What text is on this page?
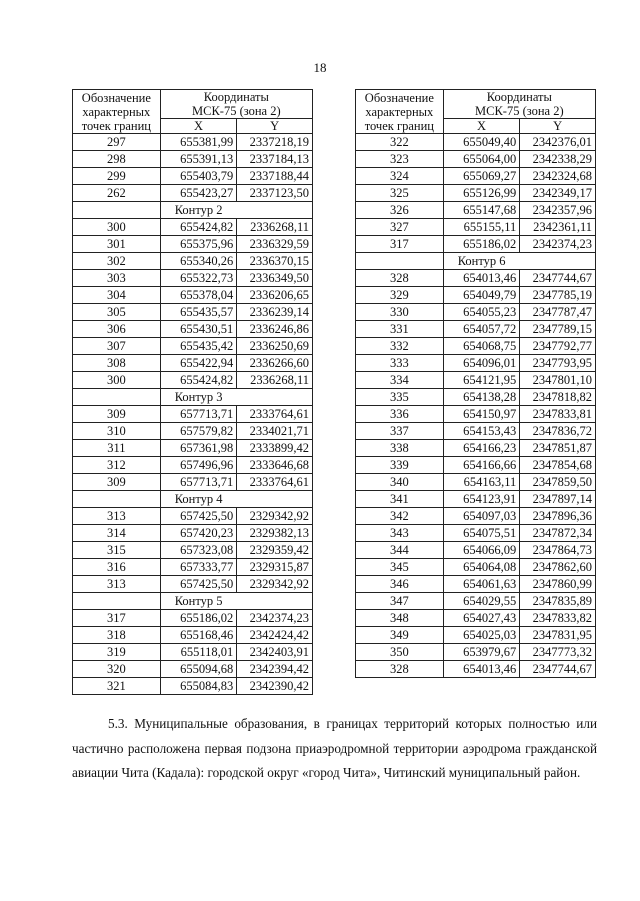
18
Обозначение
характерных
точек границ	Координаты
МСК-75 (зона 2)	
	X	Y
297	655381,99	2337218,19
298	655391,13	2337184,13
299	655403,79	2337188,44
262	655423,27	2337123,50
	Контур 2	
300	655424,82	2336268,11
301	655375,96	2336329,59
302	655340,26	2336370,15
303	655322,73	2336349,50
304	655378,04	2336206,65
305	655435,57	2336239,14
306	655430,51	2336246,86
307	655435,42	2336250,69
308	655422,94	2336266,60
300	655424,82	2336268,11
	Контур 3	
309	657713,71	2333764,61
310	657579,82	2334021,71
311	657361,98	2333899,42
312	657496,96	2333646,68
309	657713,71	2333764,61
	Контур 4	
313	657425,50	2329342,92
314	657420,23	2329382,13
315	657323,08	2329359,42
316	657333,77	2329315,87
313	657425,50	2329342,92
	Контур 5	
317	655186,02	2342374,23
318	655168,46	2342424,42
319	655118,01	2342403,91
320	655094,68	2342394,42
321	655084,83	2342390,42
Обозначение
характерных
точек границ	Координаты
МСК-75 (зона 2)	
	X	Y
322	655049,40	2342376,01
323	655064,00	2342338,29
324	655069,27	2342324,68
325	655126,99	2342349,17
326	655147,68	2342357,96
327	655155,11	2342361,11
317	655186,02	2342374,23
	Контур 6	
328	654013,46	2347744,67
329	654049,79	2347785,19
330	654055,23	2347787,47
331	654057,72	2347789,15
332	654068,75	2347792,77
333	654096,01	2347793,95
334	654121,95	2347801,10
335	654138,28	2347818,82
336	654150,97	2347833,81
337	654153,43	2347836,72
338	654166,23	2347851,87
339	654166,66	2347854,68
340	654163,11	2347859,50
341	654123,91	2347897,14
342	654097,03	2347896,36
343	654075,51	2347872,34
344	654066,09	2347864,73
345	654064,08	2347862,60
346	654061,63	2347860,99
347	654029,55	2347835,89
348	654027,43	2347833,82
349	654025,03	2347831,95
350	653979,67	2347773,32
328	654013,46	2347744,67

5.3. Муниципальные образования, в границах территорий которых полностью или частично расположена первая подзона приаэродромной территории аэродрома гражданской авиации Чита (Кадала): городской округ «город Чита», Читинский муниципальный район.
